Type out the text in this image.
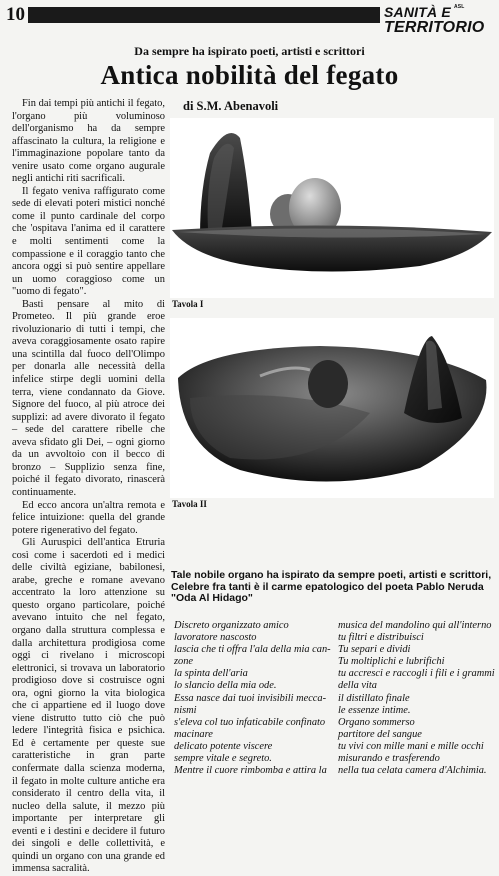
10	SANITÀ E $^{ASL}$
TERRITORIO
Da sempre ha ispirato poeti, artisti e scrittori
Antica nobilità del fegato
di S.M. Abenavoli

Fin dai tempi più antichi il fegato, l'organo più voluminoso dell'organismo ha da sempre affascinato la cultura, la religione e l'immaginazione popolare tanto da venire usato come organo augurale negli antichi riti sacrificali.

Il fegato veniva raffigurato come sede di elevati poteri mistici nonché come il punto cardinale del corpo che 'ospitava l'anima ed il carattere e molti sentimenti come la compassione e il coraggio tanto che ancora oggi si può sentire appellare un uomo coraggioso come un "uomo di fegato".

Basti pensare al mito di Prometeo. Il più grande eroe rivoluzionario di tutti i tempi, che aveva coraggiosamente osato rapire una scintilla dal fuoco dell'Olimpo per donarla alle necessità della infelice stirpe degli uomini della terra, viene condannato da Giove. Signore del fuoco, al più atroce dei supplizi: ad avere divorato il fegato – sede del carattere ribelle che aveva sfidato gli Dei, – ogni giorno da un avvoltoio con il becco di bronzo – Supplizio senza fine, poiché il fegato divorato, rinascerà continuamente.

Ed ecco ancora un'altra remota e felice intuizione: quella del grande potere rigenerativo del fegato.

Gli Auruspici dell'antica Etruria così come i sacerdoti ed i medici delle civiltà egiziane, babilonesi, arabe, greche e romane avevano accentrato la loro attenzione su questo organo particolare, poiché avevano intuito che nel fegato, organo dalla struttura complessa e dalla architettura prodigiosa come oggi ci rivelano i microscopi elettronici, si trovava un laboratorio prodigioso dove si costruisce ogni ora, ogni giorno la vita biologica che ci appartiene ed il luogo dove viene distrutto tutto ciò che può ledere l'integrità fisica e psichica. Ed è certamente per queste sue caratteristiche in gran parte confermate dalla scienza moderna, il fegato in molte culture antiche era considerato il centro della vita, il nucleo della salute, il mezzo più importante per interpretare gli eventi e i destini e decidere il futuro dei singoli e delle collettività, e quindi un organo con una grande ed immensa sacralità.

Tavola I
Tavola II
Tale nobile organo ha ispirato da sempre poeti, artisti e scrittori, Celebre fra tanti è il carme epatologico del poeta Pablo Neruda "Oda Al Hidago"
Discreto organizzato amico
lavoratore nascosto
lascia che ti offra l'ala della mia can-
zone
la spinta dell'aria
lo slancio della mia ode.
Essa nasce dai tuoi invisibili mecca-
nismi
s'eleva col tuo infaticabile confinato
macinare
delicato potente viscere
sempre vitale e segreto.
Mentre il cuore rimbomba e attira la
musica del mandolino qui all'interno
tu filtri e distribuisci
Tu separi e dividi
Tu moltiplichi e lubrifichi
tu accresci e raccogli i fili e i grammi
della vita
il distillato finale
le essenze intime.
Organo sommerso
partitore del sangue
tu vivi con mille mani e mille occhi
misurando e trasferendo
nella tua celata camera d'Alchimia.
